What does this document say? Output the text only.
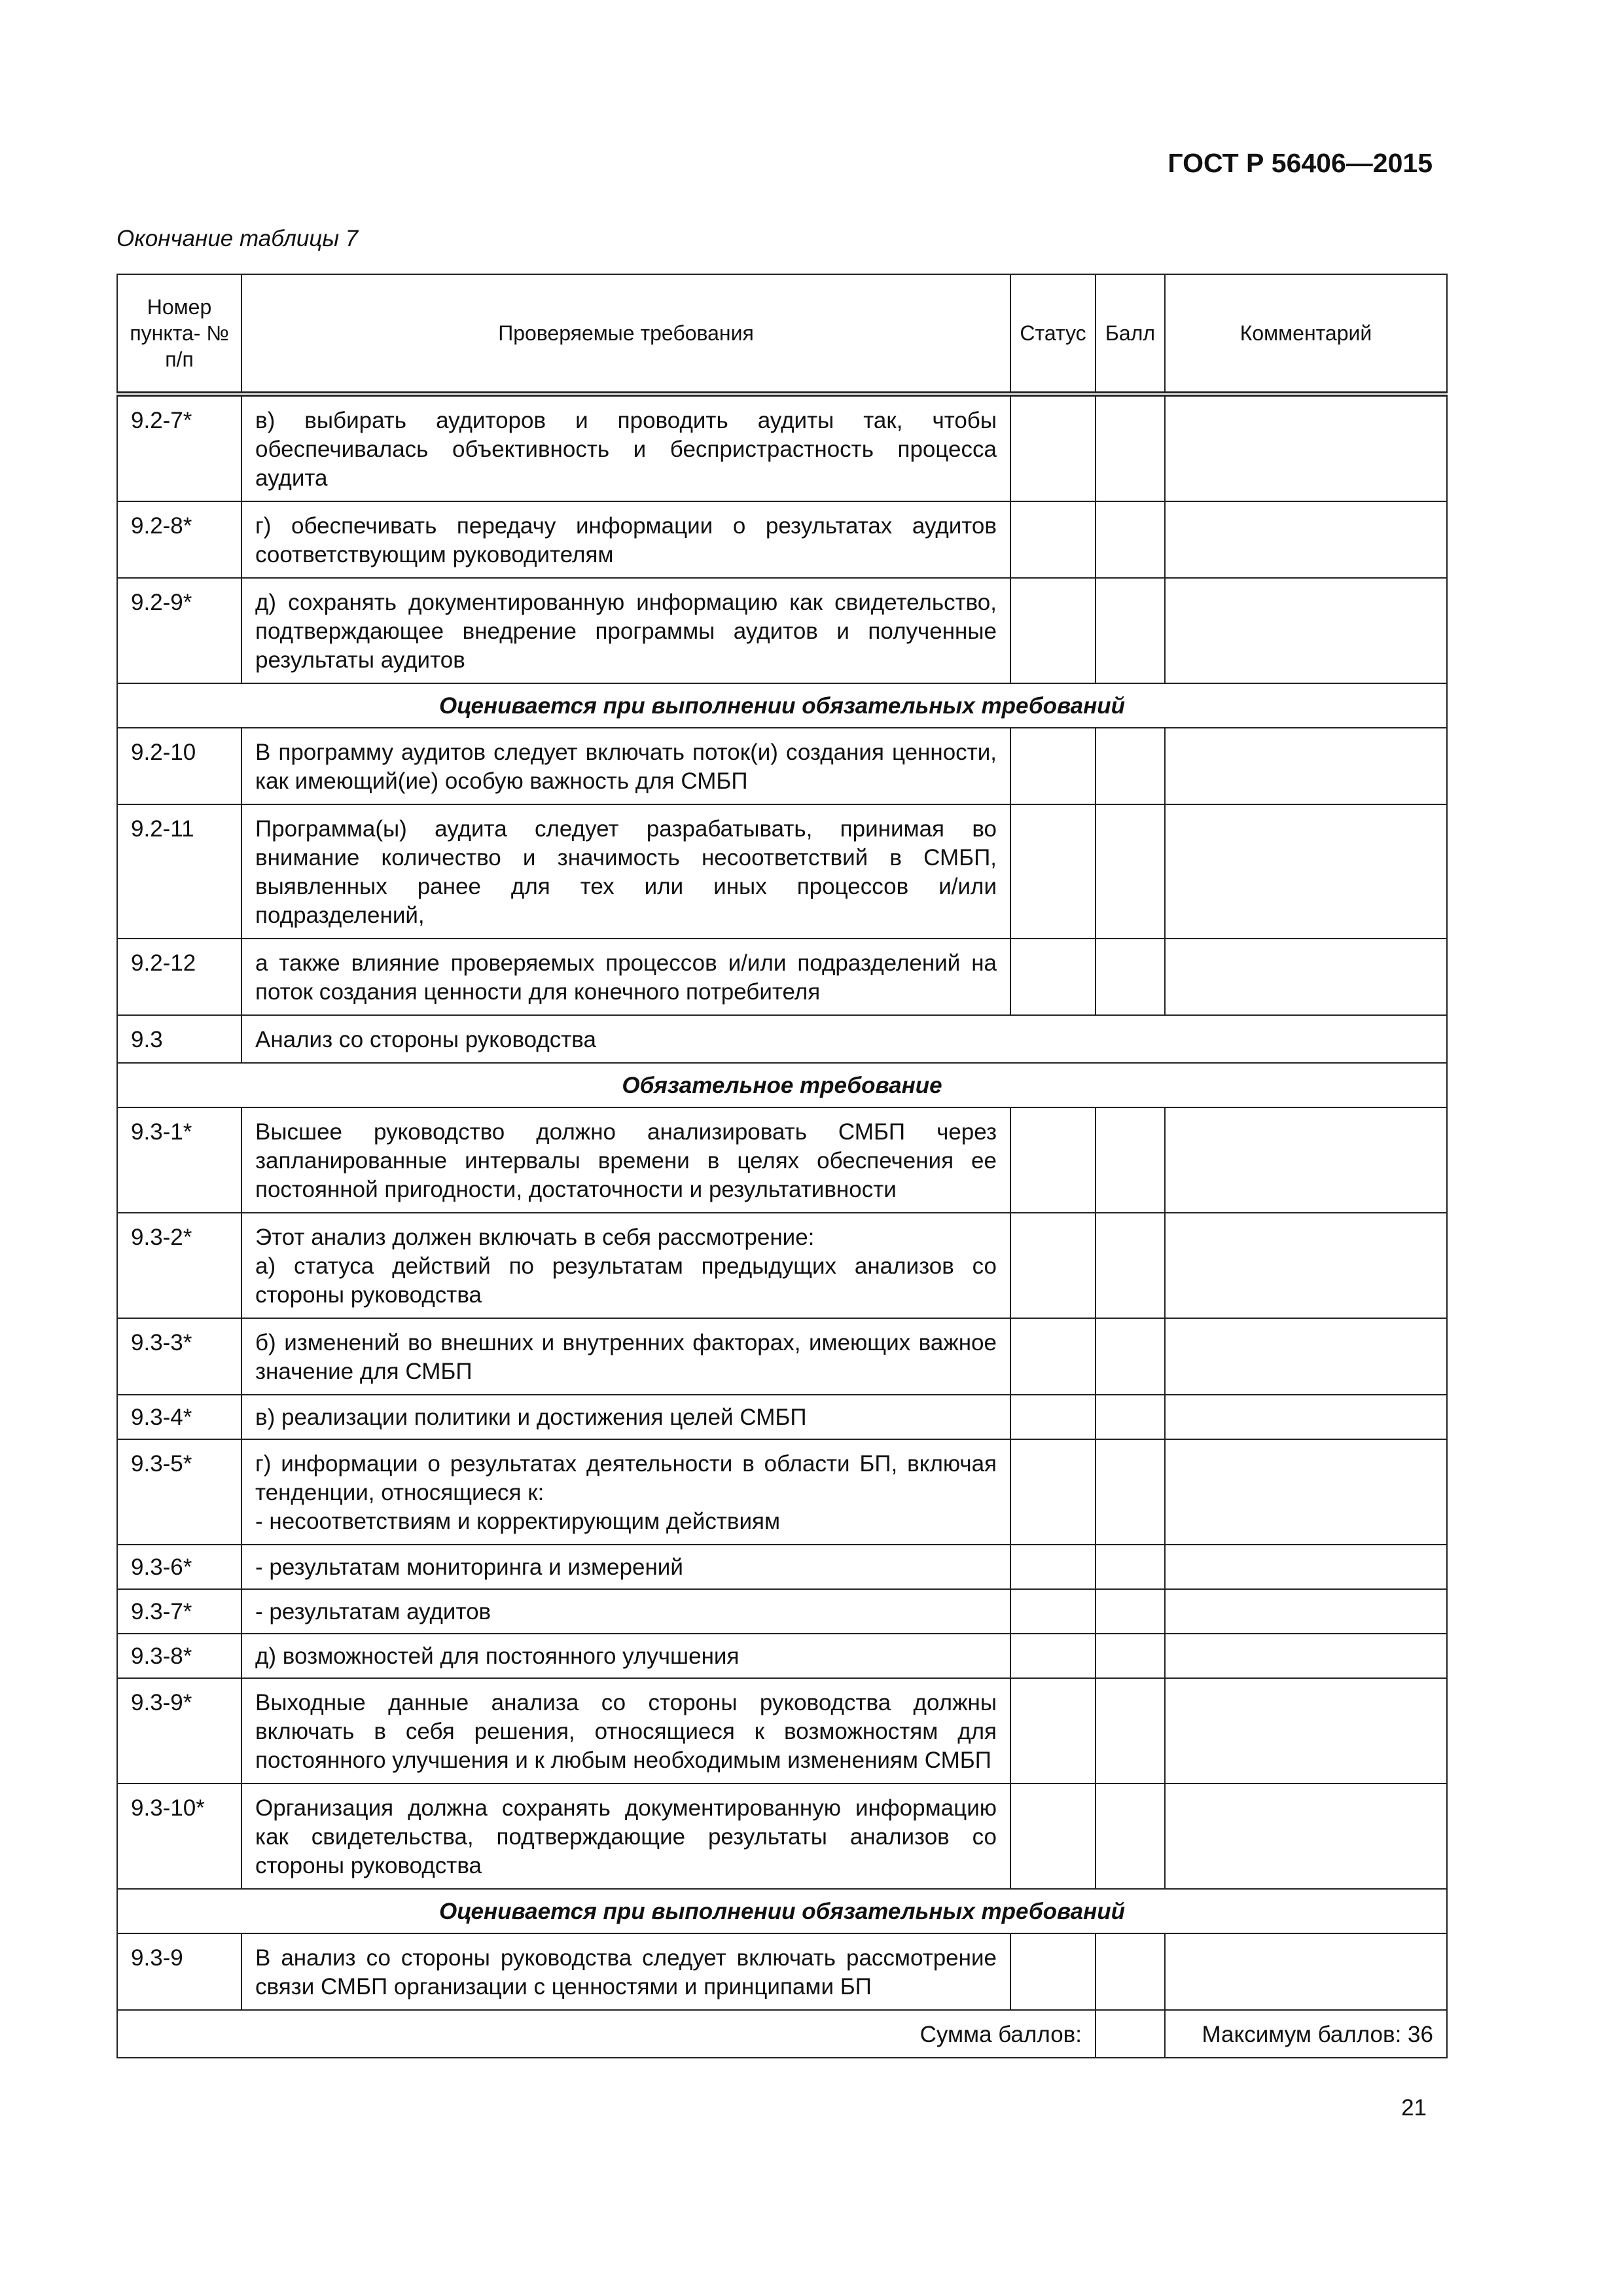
ГОСТ Р 56406—2015

Окончание таблицы 7
Номер пункта- № п/п	Проверяемые требования	Статус	Балл	Комментарий
9.2-7*	в) выбирать аудиторов и проводить аудиты так, чтобы обеспечивалась объективность и беспристрастность процесса аудита			
9.2-8*	г) обеспечивать передачу информации о результатах аудитов соответствующим руководителям			
9.2-9*	д) сохранять документированную информацию как свидетельство, подтверждающее внедрение программы аудитов и полученные результаты аудитов			
Оценивается при выполнении обязательных требований				
9.2-10	В программу аудитов следует включать поток(и) создания ценности, как имеющий(ие) особую важность для СМБП			
9.2-11	Программа(ы) аудита следует разрабатывать, принимая во внимание количество и значимость несоответствий в СМБП, выявленных ранее для тех или иных процессов и/или подразделений,			
9.2-12	а также влияние проверяемых процессов и/или подразделений на поток создания ценности для конечного потребителя			
9.3	Анализ со стороны руководства			
Обязательное требование				
9.3-1*	Высшее руководство должно анализировать СМБП через запланированные интервалы времени в целях обеспечения ее постоянной пригодности, достаточности и результативности			
9.3-2*	Этот анализ должен включать в себя рассмотрение:
а) статуса действий по результатам предыдущих анализов со стороны руководства			
9.3-3*	б) изменений во внешних и внутренних факторах, имеющих важное значение для СМБП			
9.3-4*	в) реализации политики и достижения целей СМБП			
9.3-5*	г) информации о результатах деятельности в области БП, включая тенденции, относящиеся к:
- несоответствиям и корректирующим действиям			
9.3-6*	- результатам мониторинга и измерений			
9.3-7*	- результатам аудитов			
9.3-8*	д) возможностей для постоянного улучшения			
9.3-9*	Выходные данные анализа со стороны руководства должны включать в себя решения, относящиеся к возможностям для постоянного улучшения и к любым необходимым изменениям СМБП			
9.3-10*	Организация должна сохранять документированную информацию как свидетельства, подтверждающие результаты анализов со стороны руководства			
Оценивается при выполнении обязательных требований				
9.3-9	В анализ со стороны руководства следует включать рассмотрение связи СМБП организации с ценностями и принципами БП			
Сумма баллов:				Максимум баллов: 36
21
